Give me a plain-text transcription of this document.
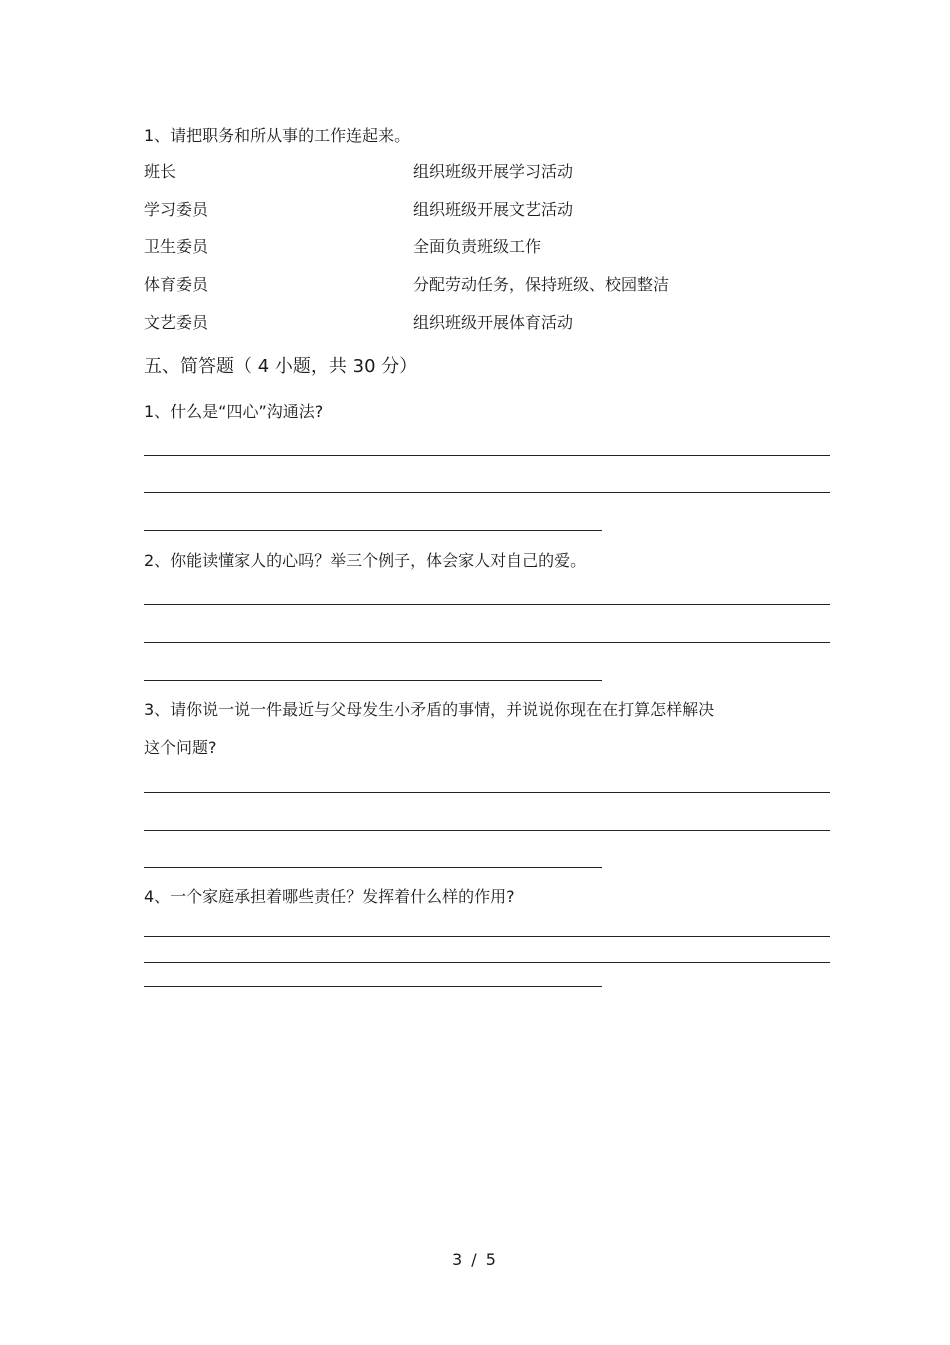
1、请把职务和所从事的工作连起来。
班长	组织班级开展学习活动
学习委员	组织班级开展文艺活动
卫生委员	全面负责班级工作
体育委员	分配劳动任务，保持班级、校园整洁
文艺委员	组织班级开展体育活动
五、简答题（ 4 小题，共 30 分）
1、什么是“四心”沟通法?
2、你能读懂家人的心吗？举三个例子，体会家人对自己的爱。
3、请你说一说一件最近与父母发生小矛盾的事情，并说说你现在在打算怎样解决
这个问题?
4、一个家庭承担着哪些责任？发挥着什么样的作用?
3 / 5
